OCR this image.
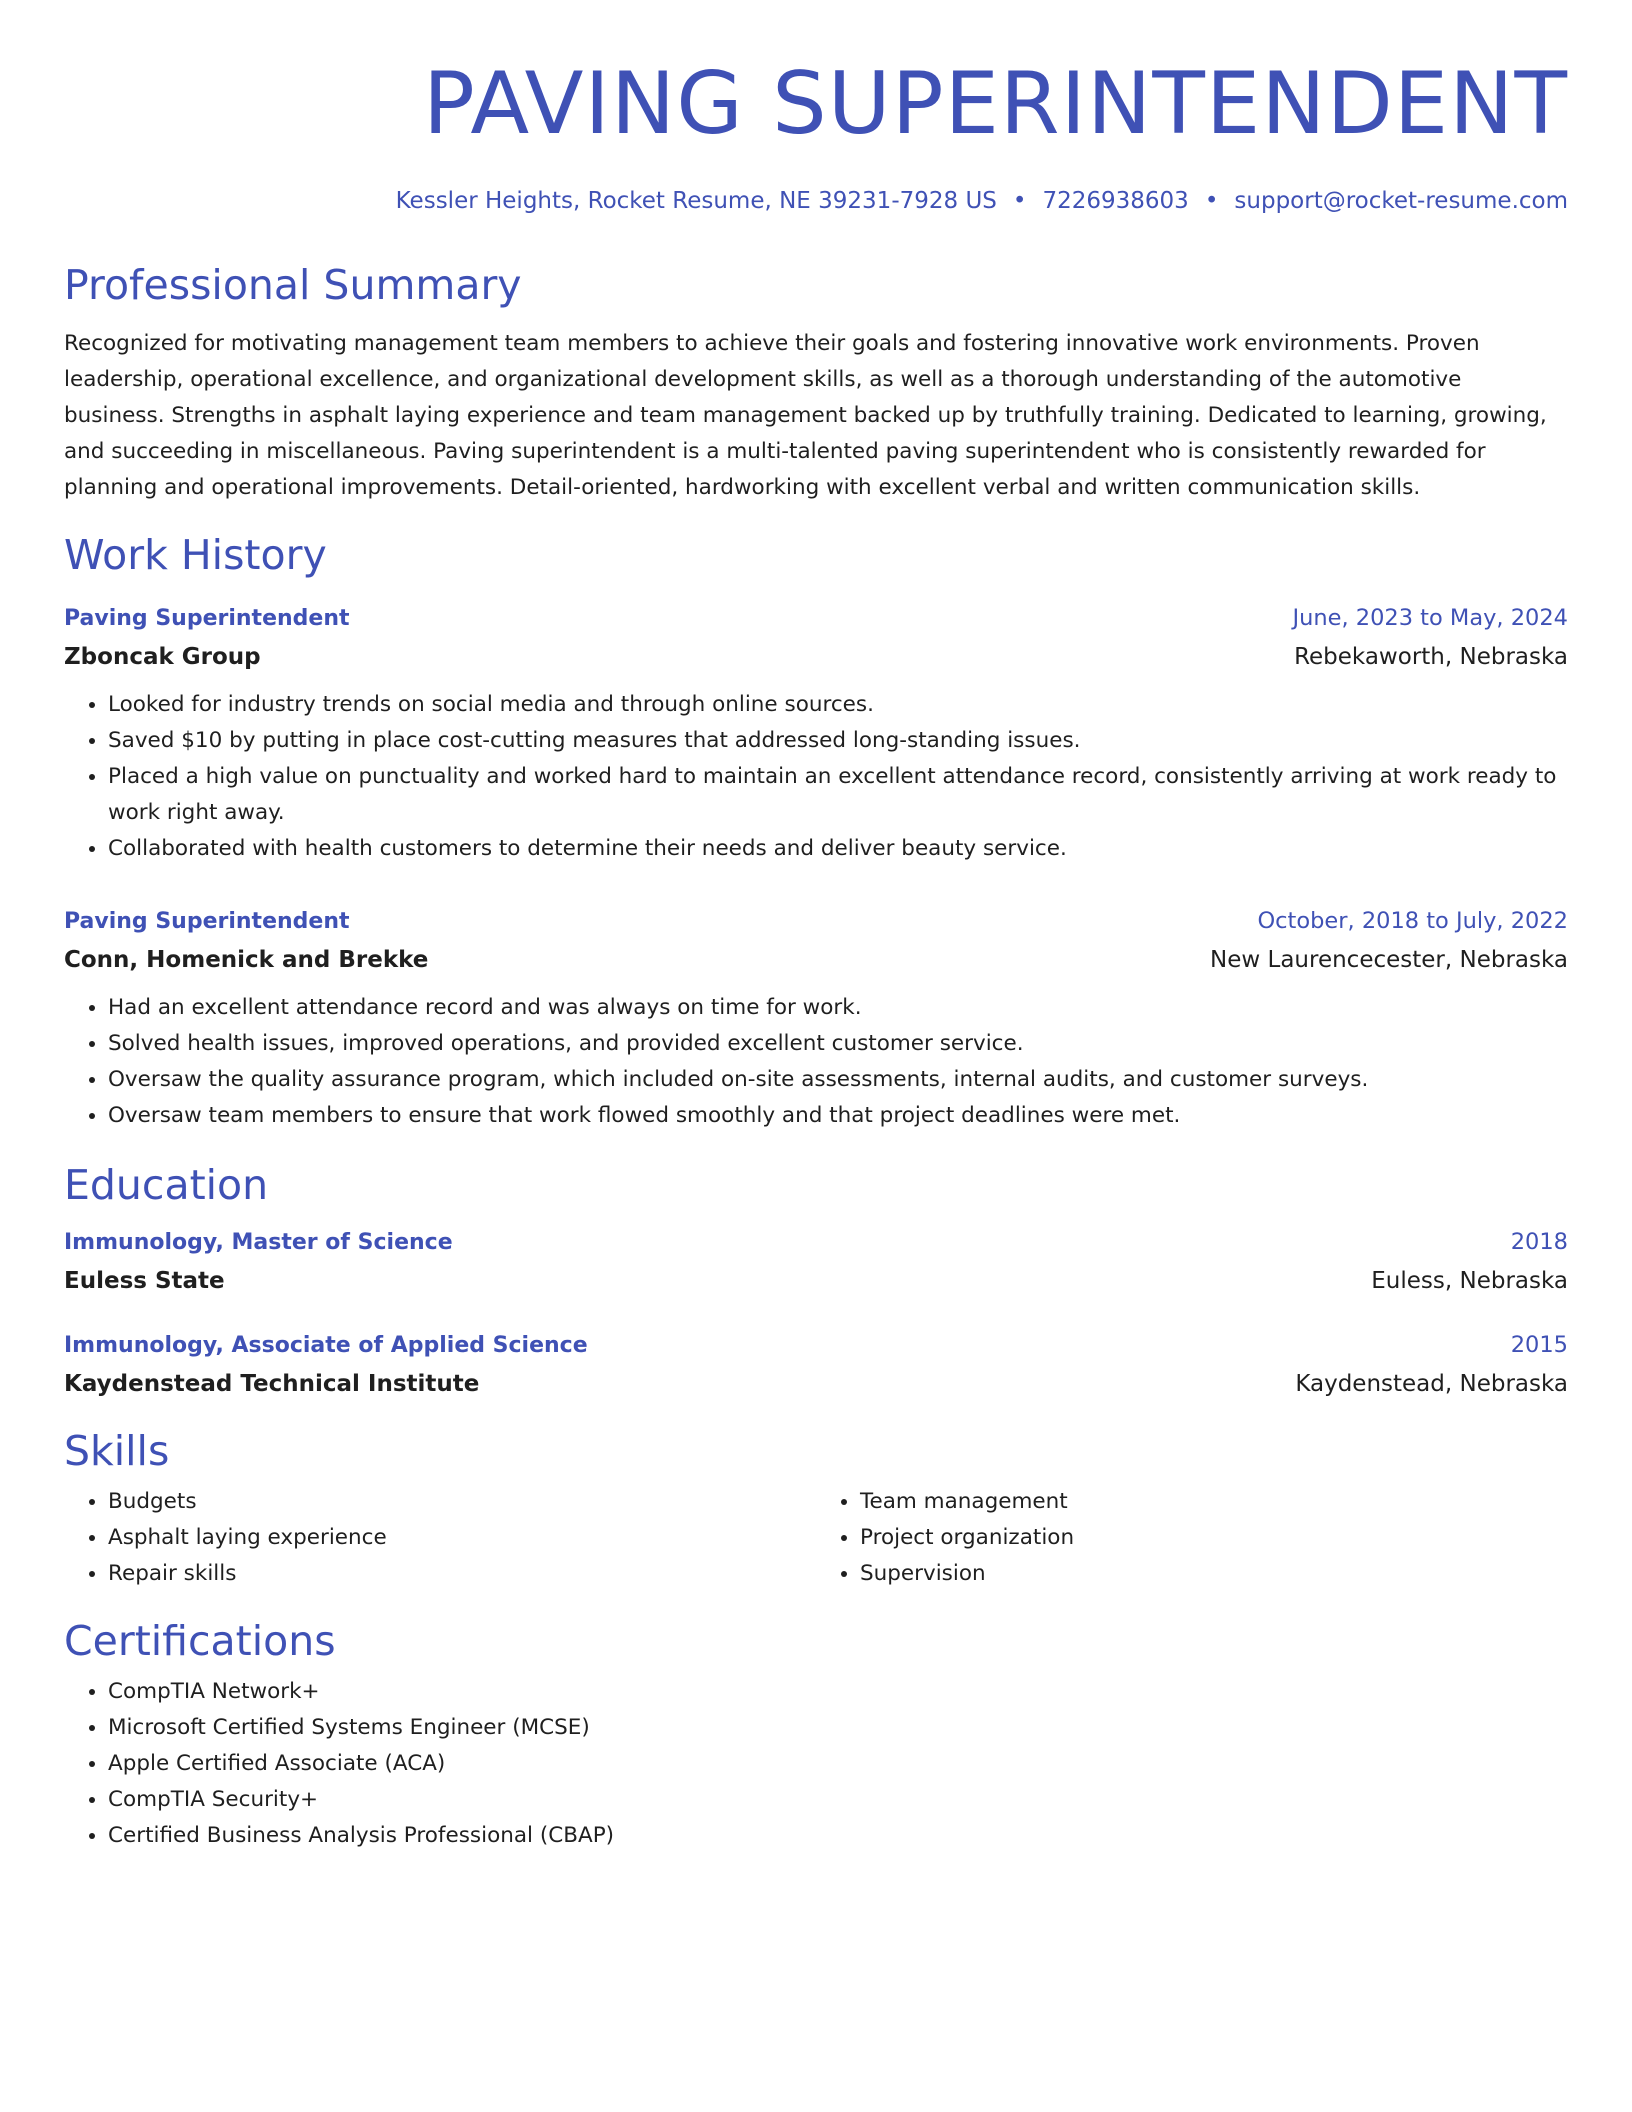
PAVING SUPERINTENDENT
Kessler Heights, Rocket Resume, NE 39231-7928 US • 7226938603 • support@rocket-resume.com
Professional Summary
Recognized for motivating management team members to achieve their goals and fostering innovative work environments. Proven leadership, operational excellence, and organizational development skills, as well as a thorough understanding of the automotive business. Strengths in asphalt laying experience and team management backed up by truthfully training. Dedicated to learning, growing, and succeeding in miscellaneous. Paving superintendent is a multi-talented paving superintendent who is consistently rewarded for planning and operational improvements. Detail-oriented, hardworking with excellent verbal and written communication skills.
Work History
Paving Superintendent	June, 2023 to May, 2024
Zboncak Group	Rebekaworth, Nebraska
• Looked for industry trends on social media and through online sources.
• Saved $10 by putting in place cost-cutting measures that addressed long-standing issues.
• Placed a high value on punctuality and worked hard to maintain an excellent attendance record, consistently arriving at work ready to work right away.
• Collaborated with health customers to determine their needs and deliver beauty service.
Paving Superintendent	October, 2018 to July, 2022
Conn, Homenick and Brekke	New Laurencecester, Nebraska
• Had an excellent attendance record and was always on time for work.
• Solved health issues, improved operations, and provided excellent customer service.
• Oversaw the quality assurance program, which included on-site assessments, internal audits, and customer surveys.
• Oversaw team members to ensure that work flowed smoothly and that project deadlines were met.
Education
Immunology, Master of Science	2018
Euless State	Euless, Nebraska
Immunology, Associate of Applied Science	2015
Kaydenstead Technical Institute	Kaydenstead, Nebraska
Skills
• Budgets
• Asphalt laying experience
• Repair skills
• Team management
• Project organization
• Supervision
Certifications
• CompTIA Network+
• Microsoft Certified Systems Engineer (MCSE)
• Apple Certified Associate (ACA)
• CompTIA Security+
• Certified Business Analysis Professional (CBAP)
